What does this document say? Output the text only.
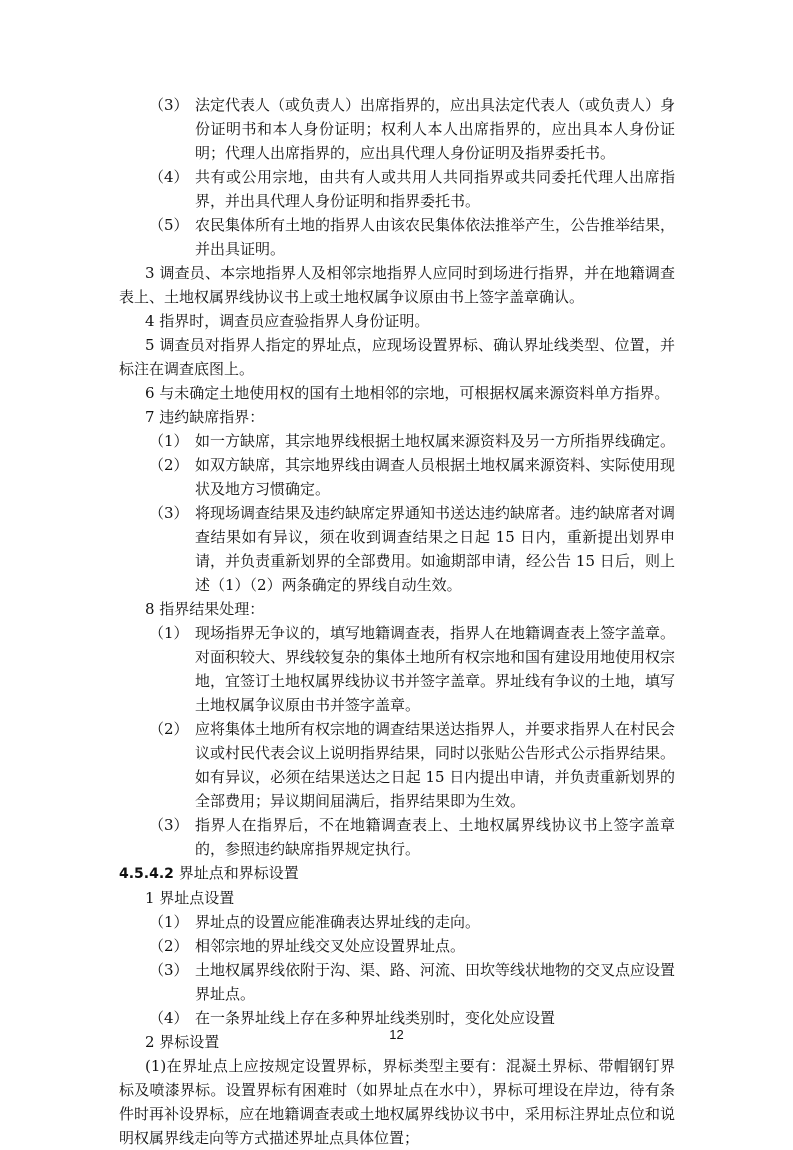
（3） 法定代表人（或负责人）出席指界的，应出具法定代表人（或负责人）身份证明书和本人身份证明；权利人本人出席指界的，应出具本人身份证明；代理人出席指界的，应出具代理人身份证明及指界委托书。
（4） 共有或公用宗地，由共有人或共用人共同指界或共同委托代理人出席指界，并出具代理人身份证明和指界委托书。
（5） 农民集体所有土地的指界人由该农民集体依法推举产生，公告推举结果，并出具证明。
3 调查员、本宗地指界人及相邻宗地指界人应同时到场进行指界，并在地籍调查表上、土地权属界线协议书上或土地权属争议原由书上签字盖章确认。
4 指界时，调查员应查验指界人身份证明。
5 调查员对指界人指定的界址点，应现场设置界标、确认界址线类型、位置，并标注在调查底图上。
6 与未确定土地使用权的国有土地相邻的宗地，可根据权属来源资料单方指界。
7 违约缺席指界：
（1） 如一方缺席，其宗地界线根据土地权属来源资料及另一方所指界线确定。
（2） 如双方缺席，其宗地界线由调查人员根据土地权属来源资料、实际使用现状及地方习惯确定。
（3） 将现场调查结果及违约缺席定界通知书送达违约缺席者。违约缺席者对调查结果如有异议，须在收到调查结果之日起 15 日内，重新提出划界申请，并负责重新划界的全部费用。如逾期部申请，经公告 15 日后，则上述（1）（2）两条确定的界线自动生效。
8 指界结果处理：
（1） 现场指界无争议的，填写地籍调查表，指界人在地籍调查表上签字盖章。对面积较大、界线较复杂的集体土地所有权宗地和国有建设用地使用权宗地，宜签订土地权属界线协议书并签字盖章。界址线有争议的土地，填写土地权属争议原由书并签字盖章。
（2） 应将集体土地所有权宗地的调查结果送达指界人，并要求指界人在村民会议或村民代表会议上说明指界结果，同时以张贴公告形式公示指界结果。如有异议，必须在结果送达之日起 15 日内提出申请，并负责重新划界的全部费用；异议期间届满后，指界结果即为生效。
（3） 指界人在指界后，不在地籍调查表上、土地权属界线协议书上签字盖章的，参照违约缺席指界规定执行。
4.5.4.2 界址点和界标设置
1 界址点设置
（1） 界址点的设置应能准确表达界址线的走向。
（2） 相邻宗地的界址线交叉处应设置界址点。
（3） 土地权属界线依附于沟、渠、路、河流、田坎等线状地物的交叉点应设置界址点。
（4） 在一条界址线上存在多种界址线类别时，变化处应设置
2 界标设置
(1)在界址点上应按规定设置界标，界标类型主要有：混凝土界标、带帽钢钉界标及喷漆界标。设置界标有困难时（如界址点在水中），界标可埋设在岸边，待有条件时再补设界标，应在地籍调查表或土地权属界线协议书中，采用标注界址点位和说明权属界线走向等方式描述界址点具体位置；
12
